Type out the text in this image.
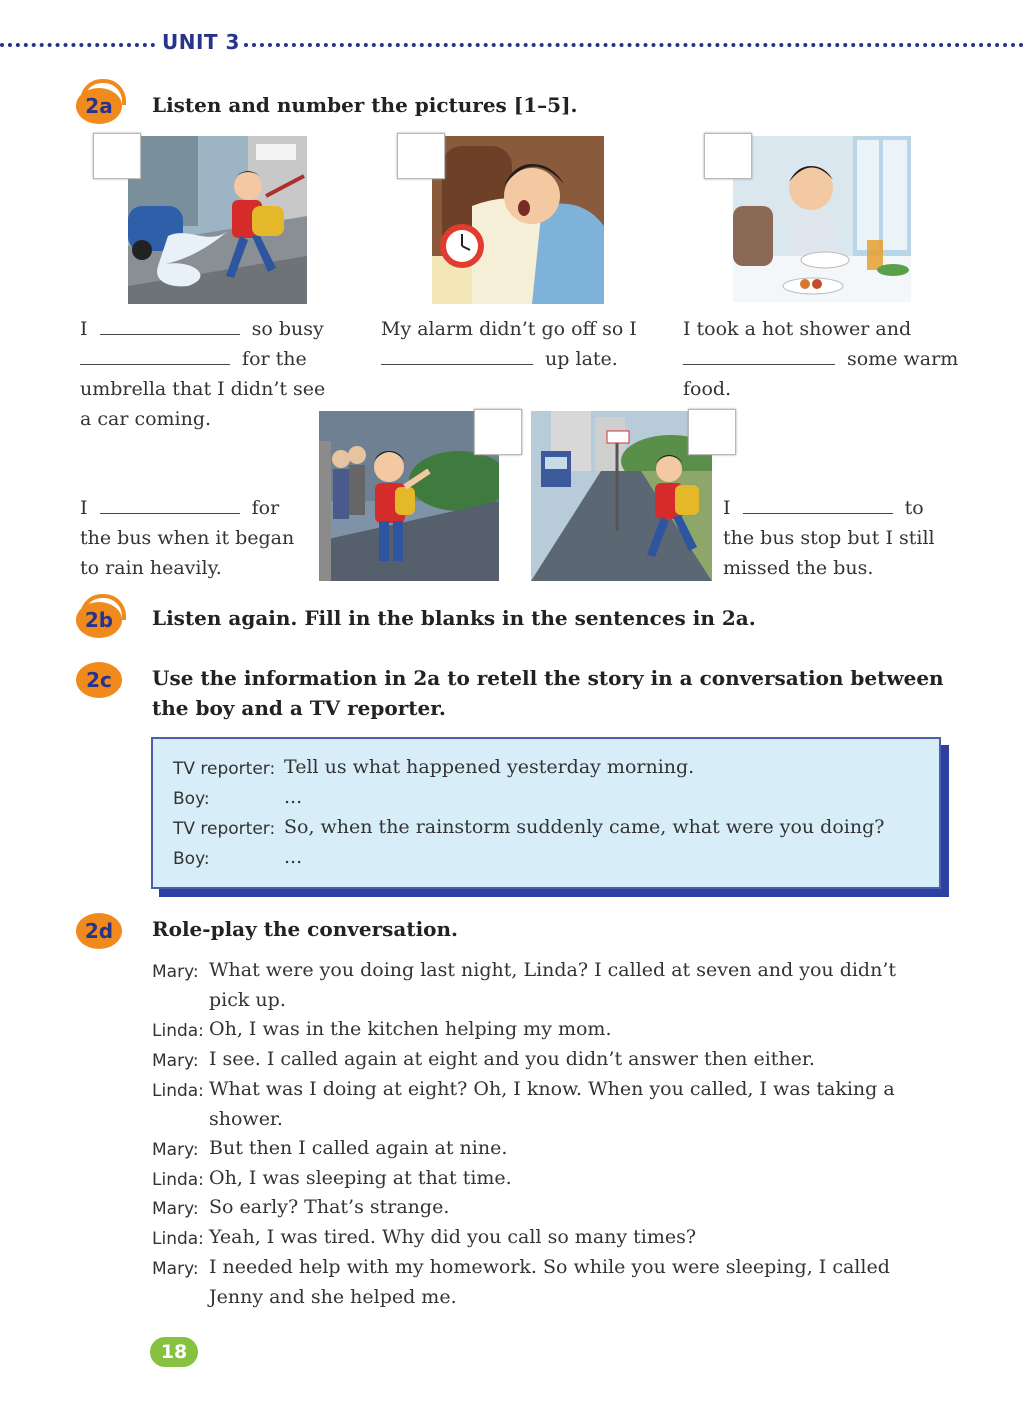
UNIT 3
2a	Listen and number the pictures [1–5].
I	so busy
for the
umbrella that I didn’t see
a car coming.
My alarm didn’t go off so I
up late.
I took a hot shower and
some warm
food.
I	for
the bus when it began
to rain heavily.
I	to
the bus stop but I still
missed the bus.
2b	Listen again. Fill in the blanks in the sentences in 2a.
2c	Use the information in 2a to retell the story in a conversation between
the boy and a TV reporter.
TV reporter: Tell us what happened yesterday morning.
Boy:	...
TV reporter: So, when the rainstorm suddenly came, what were you doing?
Boy:	...
2d	Role-play the conversation.
Mary: What were you doing last night, Linda? I called at seven and you didn’t
pick up.
Linda: Oh, I was in the kitchen helping my mom.
Mary: I see. I called again at eight and you didn’t answer then either.
Linda: What was I doing at eight? Oh, I know. When you called, I was taking a
shower.
Mary: But then I called again at nine.
Linda: Oh, I was sleeping at that time.
Mary: So early? That’s strange.
Linda: Yeah, I was tired. Why did you call so many times?
Mary: I needed help with my homework. So while you were sleeping, I called
Jenny and she helped me.
18
